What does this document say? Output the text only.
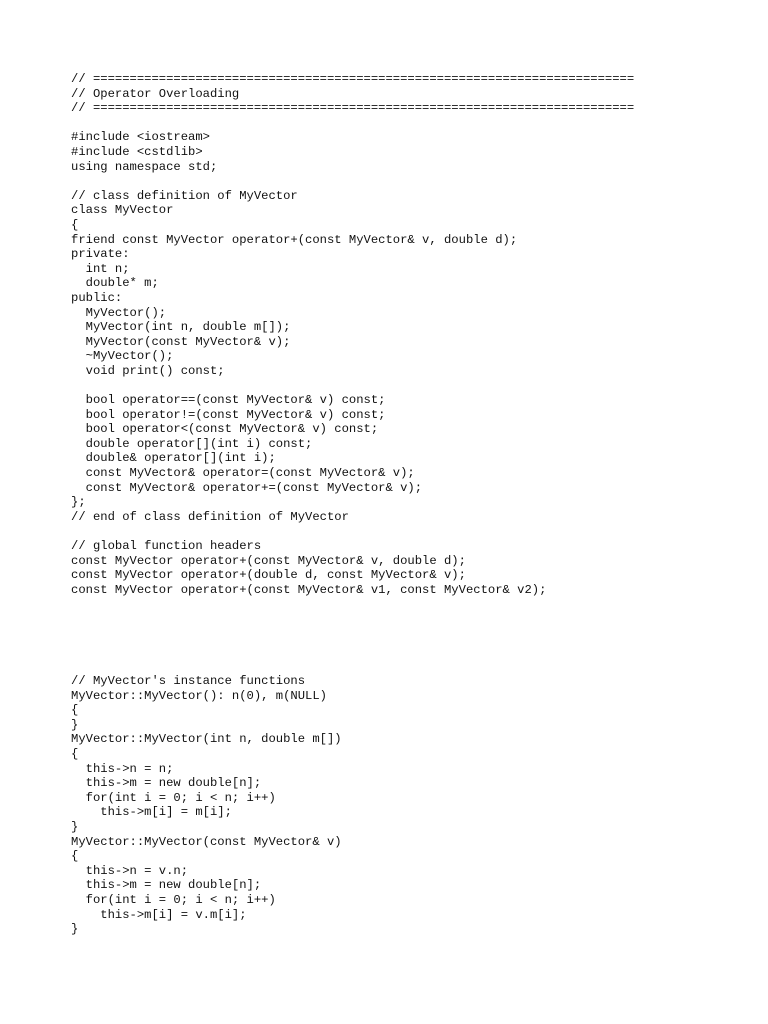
// ==========================================================================
// Operator Overloading
// ==========================================================================
#include <iostream>
#include <cstdlib>
using namespace std;
// class definition of MyVector
class MyVector
{
friend const MyVector operator+(const MyVector& v, double d);
private:
int n;
double* m;
public:
MyVector();
MyVector(int n, double m[]);
MyVector(const MyVector& v);
~MyVector();
void print() const;
bool operator==(const MyVector& v) const;
bool operator!=(const MyVector& v) const;
bool operator<(const MyVector& v) const;
double operator[](int i) const;
double& operator[](int i);
const MyVector& operator=(const MyVector& v);
const MyVector& operator+=(const MyVector& v);
};
// end of class definition of MyVector
// global function headers
const MyVector operator+(const MyVector& v, double d);
const MyVector operator+(double d, const MyVector& v);
const MyVector operator+(const MyVector& v1, const MyVector& v2);
// MyVector's instance functions
MyVector::MyVector(): n(0), m(NULL)
{
}
MyVector::MyVector(int n, double m[])
{
this->n = n;
this->m = new double[n];
for(int i = 0; i < n; i++)
this->m[i] = m[i];
}
MyVector::MyVector(const MyVector& v)
{
this->n = v.n;
this->m = new double[n];
for(int i = 0; i < n; i++)
this->m[i] = v.m[i];
}
